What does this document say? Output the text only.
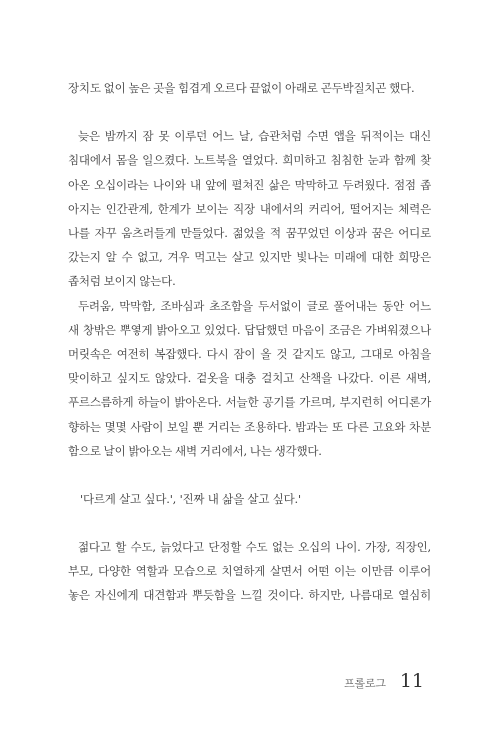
장치도 없이 높은 곳을 힘겹게 오르다 끝없이 아래로 곤두박질치곤 했다.

늦은 밤까지 잠 못 이루던 어느 날, 습관처럼 수면 앱을 뒤적이는 대신

침대에서 몸을 일으켰다. 노트북을 열었다. 희미하고 침침한 눈과 함께 찾

아온 오십이라는 나이와 내 앞에 펼쳐진 삶은 막막하고 두려웠다. 점점 좁

아지는 인간관계, 한계가 보이는 직장 내에서의 커리어, 떨어지는 체력은

나를 자꾸 움츠러들게 만들었다. 젊었을 적 꿈꾸었던 이상과 꿈은 어디로

갔는지 알 수 없고, 겨우 먹고는 살고 있지만 빛나는 미래에 대한 희망은

좁처럼 보이지 않는다.

두려움, 막막함, 조바심과 초조함을 두서없이 글로 풀어내는 동안 어느

새 창밖은 뿌옇게 밝아오고 있었다. 답답했던 마음이 조금은 가벼워졌으나

머릿속은 여전히 복잡했다. 다시 잠이 올 것 같지도 않고, 그대로 아침을

맞이하고 싶지도 않았다. 겉옷을 대충 걸치고 산책을 나갔다. 이른 새벽,

푸르스름하게 하늘이 밝아온다. 서늘한 공기를 가르며, 부지런히 어디론가

향하는 몇몇 사람이 보일 뿐 거리는 조용하다. 밤과는 또 다른 고요와 차분

함으로 날이 밝아오는 새벽 거리에서, 나는 생각했다.

'다르게 살고 싶다.', '진짜 내 삶을 살고 싶다.'

젊다고 할 수도, 늙었다고 단정할 수도 없는 오십의 나이. 가장, 직장인,

부모, 다양한 역할과 모습으로 치열하게 살면서 어떤 이는 이만큼 이루어

놓은 자신에게 대견함과 뿌듯함을 느낄 것이다. 하지만, 나름대로 열심히

프롤로그 11
